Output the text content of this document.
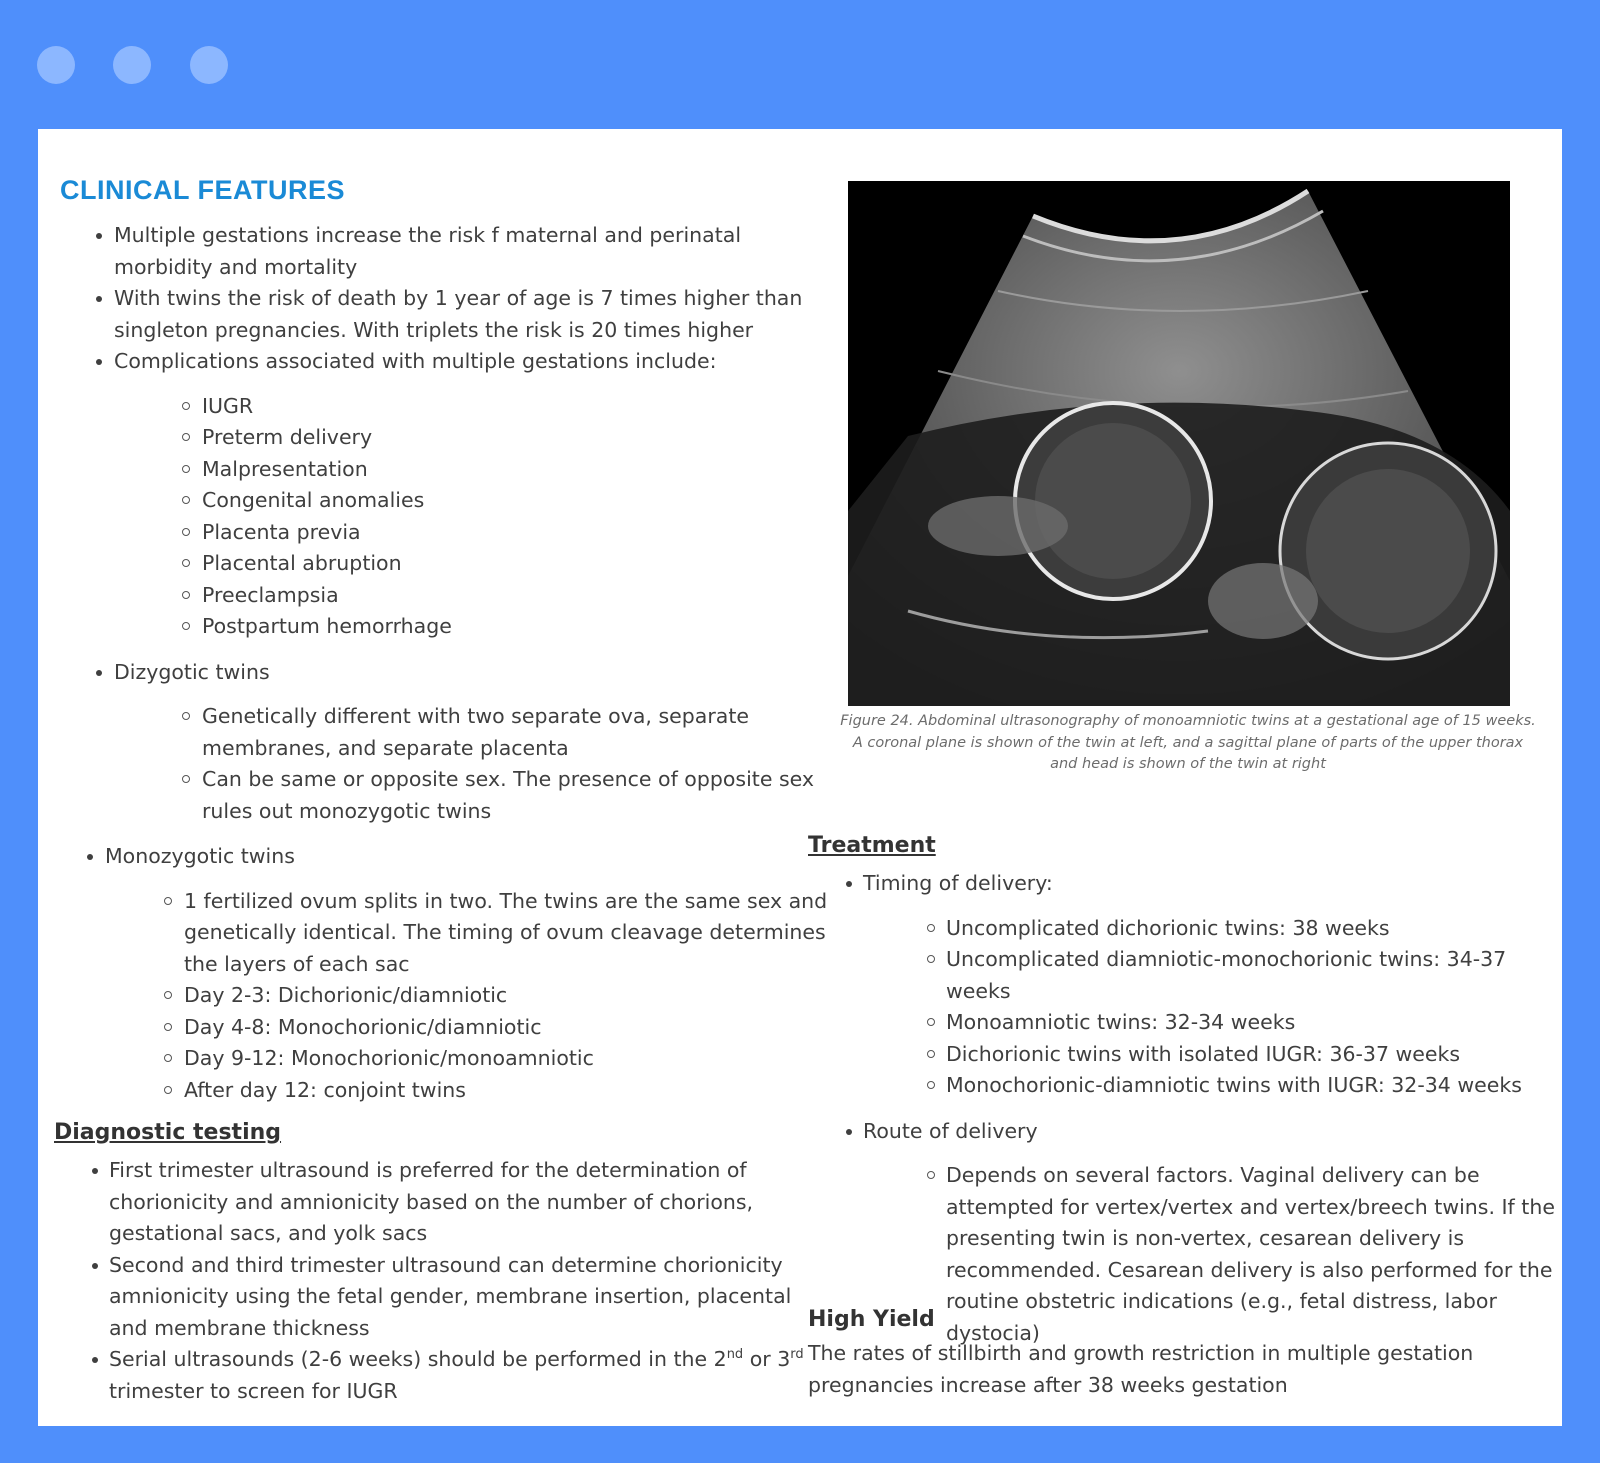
CLINICAL FEATURES
Multiple gestations increase the risk f maternal and perinatal morbidity and mortality
With twins the risk of death by 1 year of age is 7 times higher than singleton pregnancies. With triplets the risk is 20 times higher
Complications associated with multiple gestations include:
IUGR
Preterm delivery
Malpresentation
Congenital anomalies
Placenta previa
Placental abruption
Preeclampsia
Postpartum hemorrhage
Dizygotic twins
Genetically different with two separate ova, separate membranes, and separate placenta
Can be same or opposite sex. The presence of opposite sex rules out monozygotic twins
Monozygotic twins
1 fertilized ovum splits in two. The twins are the same sex and genetically identical. The timing of ovum cleavage determines the layers of each sac
Day 2-3: Dichorionic/diamniotic
Day 4-8: Monochorionic/diamniotic
Day 9-12: Monochorionic/monoamniotic
After day 12: conjoint twins
Diagnostic testing
First trimester ultrasound is preferred for the determination of chorionicity and amnionicity based on the number of chorions, gestational sacs, and yolk sacs
Second and third trimester ultrasound can determine chorionicity amnionicity using the fetal gender, membrane insertion, placental and membrane thickness
Serial ultrasounds (2-6 weeks) should be performed in the 2nd or 3rd trimester to screen for IUGR
Figure 24. Abdominal ultrasonography of monoamniotic twins at a gestational age of 15 weeks. A coronal plane is shown of the twin at left, and a sagittal plane of parts of the upper thorax and head is shown of the twin at right
Treatment
Timing of delivery:
Uncomplicated dichorionic twins: 38 weeks
Uncomplicated diamniotic-monochorionic twins: 34-37 weeks
Monoamniotic twins: 32-34 weeks
Dichorionic twins with isolated IUGR: 36-37 weeks
Monochorionic-diamniotic twins with IUGR: 32-34 weeks
Route of delivery
Depends on several factors. Vaginal delivery can be attempted for vertex/vertex and vertex/breech twins. If the presenting twin is non-vertex, cesarean delivery is recommended. Cesarean delivery is also performed for the routine obstetric indications (e.g., fetal distress, labor dystocia)
High Yield
The rates of stillbirth and growth restriction in multiple gestation pregnancies increase after 38 weeks gestation
